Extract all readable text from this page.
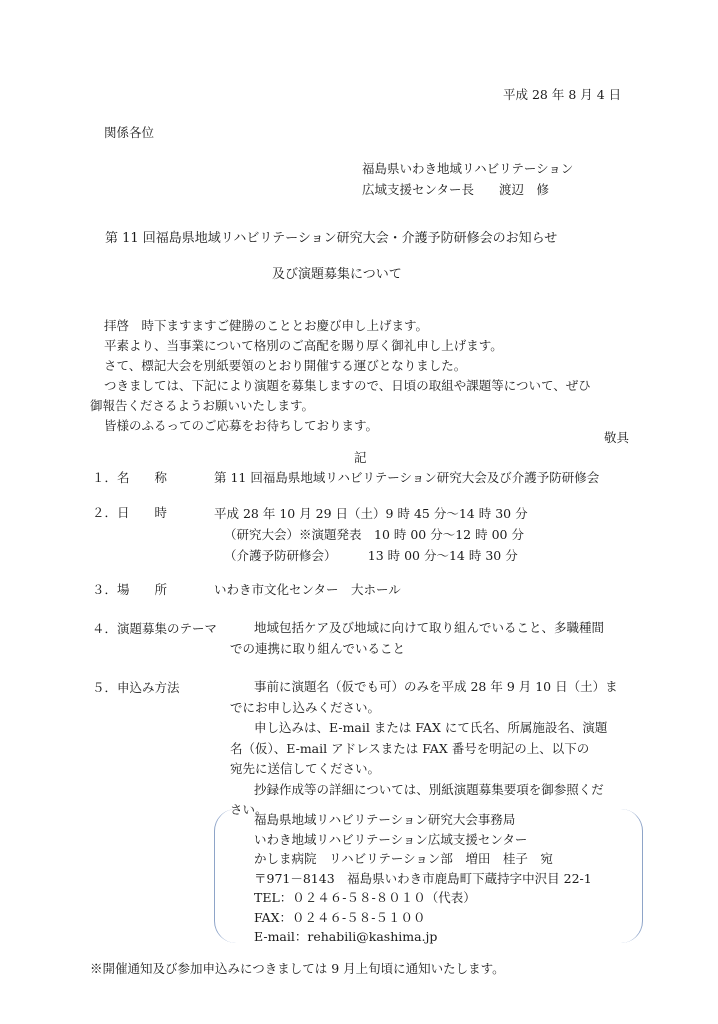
平成 28 年 8 月 4 日
関係各位
福島県いわき地域リハビリテーション
広域支援センター長　　渡辺　修
第 11 回福島県地域リハビリテーション研究大会・介護予防研修会のお知らせ
及び演題募集について
拝啓　時下ますますご健勝のこととお慶び申し上げます。
平素より、当事業について格別のご高配を賜り厚く御礼申し上げます。
さて、標記大会を別紙要領のとおり開催する運びとなりました。
つきましては、下記により演題を募集しますので、日頃の取組や課題等について、ぜひ
御報告くださるようお願いいたします。
皆様のふるってのご応募をお待ちしております。
敬具
記
１．名　　称	第 11 回福島県地域リハビリテーション研究大会及び介護予防研修会
２．日　　時	平成 28 年 10 月 29 日（土）9 時 45 分～14 時 30 分
（研究大会）※演題発表　10 時 00 分～12 時 00 分
（介護予防研修会）　　　13 時 00 分～14 時 30 分
３．場　　所	いわき市文化センター　大ホール
４．演題募集のテーマ	地域包括ケア及び地域に向けて取り組んでいること、多職種間
での連携に取り組んでいること
５．申込み方法	事前に演題名（仮でも可）のみを平成 28 年 9 月 10 日（土）ま
でにお申し込みください。
申し込みは、E-mail または FAX にて氏名、所属施設名、演題
名（仮）、E-mail アドレスまたは FAX 番号を明記の上、以下の
宛先に送信してください。
抄録作成等の詳細については、別紙演題募集要項を御参照くだ
さい。
福島県地域リハビリテーション研究大会事務局
いわき地域リハビリテーション広域支援センター
かしま病院　リハビリテーション部　増田　桂子　宛
〒971－8143　福島県いわき市鹿島町下蔵持字中沢目 22-1
TEL：０２４６-５８-８０１０（代表）
FAX：０２４６-５８-５１００
E-mail：rehabili@kashima.jp
※開催通知及び参加申込みにつきましては 9 月上旬頃に通知いたします。
